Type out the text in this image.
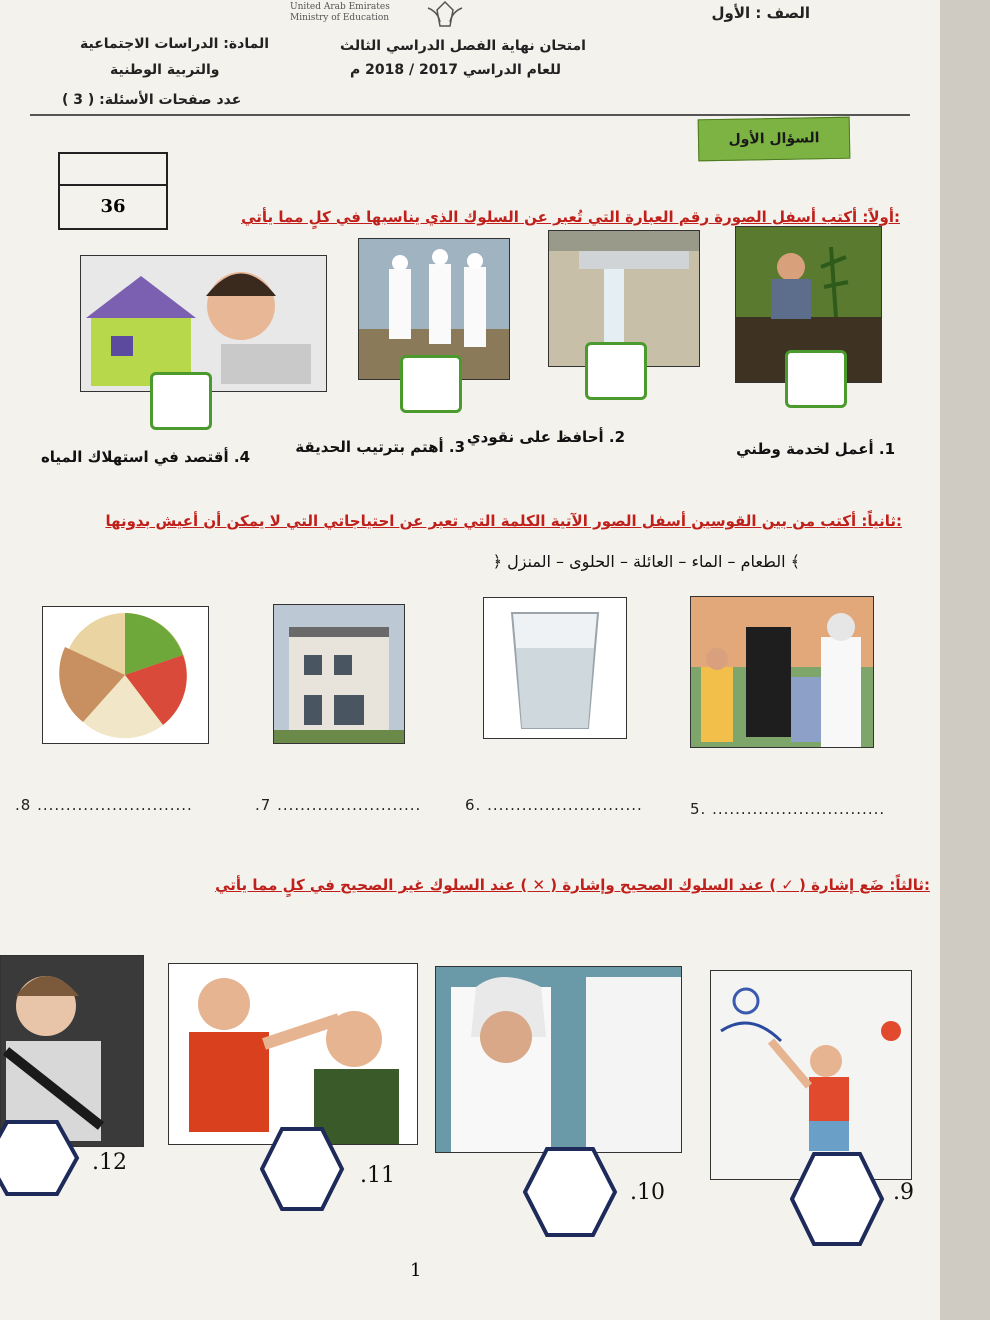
الصف : الأول
United Arab Emirates
Ministry of Education
امتحان نهاية الفصل الدراسي الثالث
للعام الدراسي 2017 / 2018 م
المادة: الدراسات الاجتماعية
والتربية الوطنية
عدد صفحات الأسئلة: ( 3 )
36
السؤال الأول
أولاً: أكتب أسفل الصورة رقم العبارة التي تُعبر عن السلوك الذي يناسبها في كلٍ مما يأتي:
1. أعمل لخدمة وطني
2. أحافظ على نقودي
3. أهتم بترتيب الحديقة
4. أقتصد في استهلاك المياه
ثانياً: أكتب من بين القوسين أسفل الصور الآتية الكلمة التي تعبر عن احتياجاتي التي لا يمكن أن أعيش بدونها:
﴾ الطعام – الماء – العائلة – الحلوى – المنزل ﴿
5. ..............................
6. ...........................
.7 .........................
.8 ...........................
ثالثاً: ضَع إشارة ( ✓ ) عند السلوك الصحيح وإشارة ( ✕ ) عند السلوك غير الصحيح في كلٍ مما يأتي:
.12
.11
.10	.9
1
